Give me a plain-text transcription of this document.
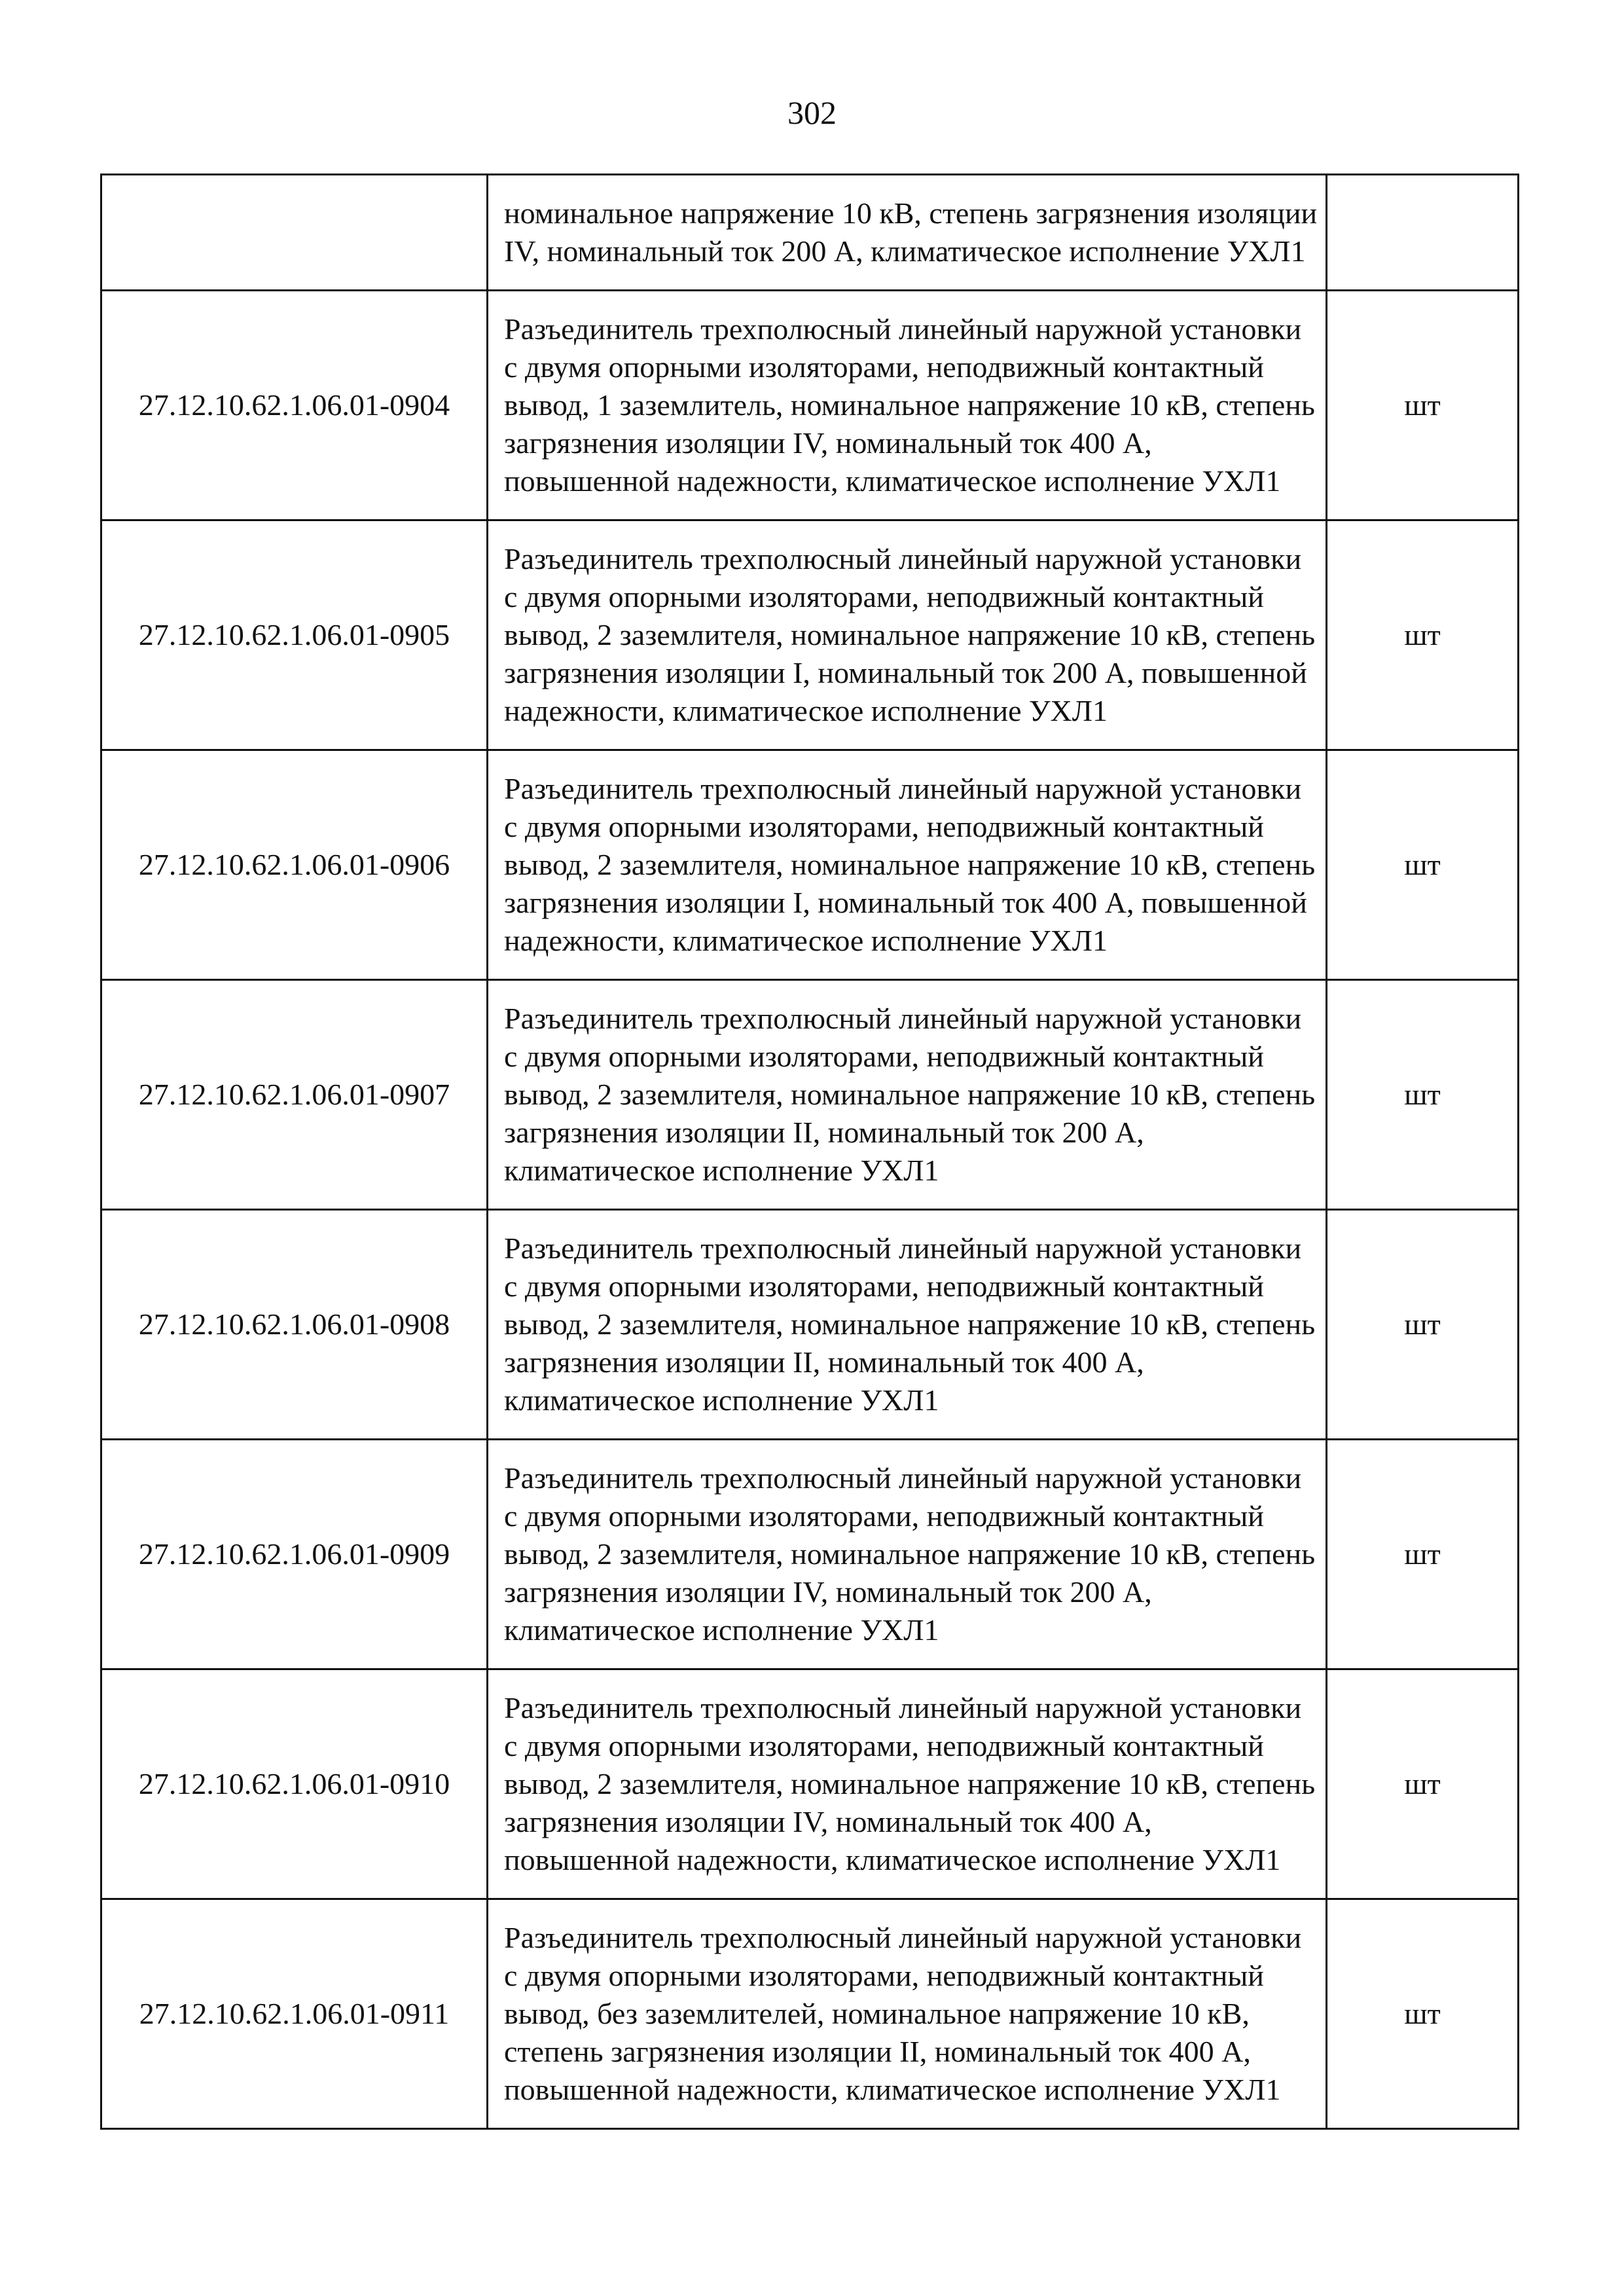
302
	номинальное напряжение 10 кВ, степень загрязнения изоляции IV, номинальный ток 200 А, климатическое исполнение УХЛ1	
27.12.10.62.1.06.01-0904	Разъединитель трехполюсный линейный наружной установки с двумя опорными изоляторами, неподвижный контактный вывод, 1 заземлитель, номинальное напряжение 10 кВ, степень загрязнения изоляции IV, номинальный ток 400 А, повышенной надежности, климатическое исполнение УХЛ1	шт
27.12.10.62.1.06.01-0905	Разъединитель трехполюсный линейный наружной установки с двумя опорными изоляторами, неподвижный контактный вывод, 2 заземлителя, номинальное напряжение 10 кВ, степень загрязнения изоляции I, номинальный ток 200 А, повышенной надежности, климатическое исполнение УХЛ1	шт
27.12.10.62.1.06.01-0906	Разъединитель трехполюсный линейный наружной установки с двумя опорными изоляторами, неподвижный контактный вывод, 2 заземлителя, номинальное напряжение 10 кВ, степень загрязнения изоляции I, номинальный ток 400 А, повышенной надежности, климатическое исполнение УХЛ1	шт
27.12.10.62.1.06.01-0907	Разъединитель трехполюсный линейный наружной установки с двумя опорными изоляторами, неподвижный контактный вывод, 2 заземлителя, номинальное напряжение 10 кВ, степень загрязнения изоляции II, номинальный ток 200 А, климатическое исполнение УХЛ1	шт
27.12.10.62.1.06.01-0908	Разъединитель трехполюсный линейный наружной установки с двумя опорными изоляторами, неподвижный контактный вывод, 2 заземлителя, номинальное напряжение 10 кВ, степень загрязнения изоляции II, номинальный ток 400 А, климатическое исполнение УХЛ1	шт
27.12.10.62.1.06.01-0909	Разъединитель трехполюсный линейный наружной установки с двумя опорными изоляторами, неподвижный контактный вывод, 2 заземлителя, номинальное напряжение 10 кВ, степень загрязнения изоляции IV, номинальный ток 200 А, климатическое исполнение УХЛ1	шт
27.12.10.62.1.06.01-0910	Разъединитель трехполюсный линейный наружной установки с двумя опорными изоляторами, неподвижный контактный вывод, 2 заземлителя, номинальное напряжение 10 кВ, степень загрязнения изоляции IV, номинальный ток 400 А, повышенной надежности, климатическое исполнение УХЛ1	шт
27.12.10.62.1.06.01-0911	Разъединитель трехполюсный линейный наружной установки с двумя опорными изоляторами, неподвижный контактный вывод, без заземлителей, номинальное напряжение 10 кВ, степень загрязнения изоляции II, номинальный ток 400 А, повышенной надежности, климатическое исполнение УХЛ1	шт
